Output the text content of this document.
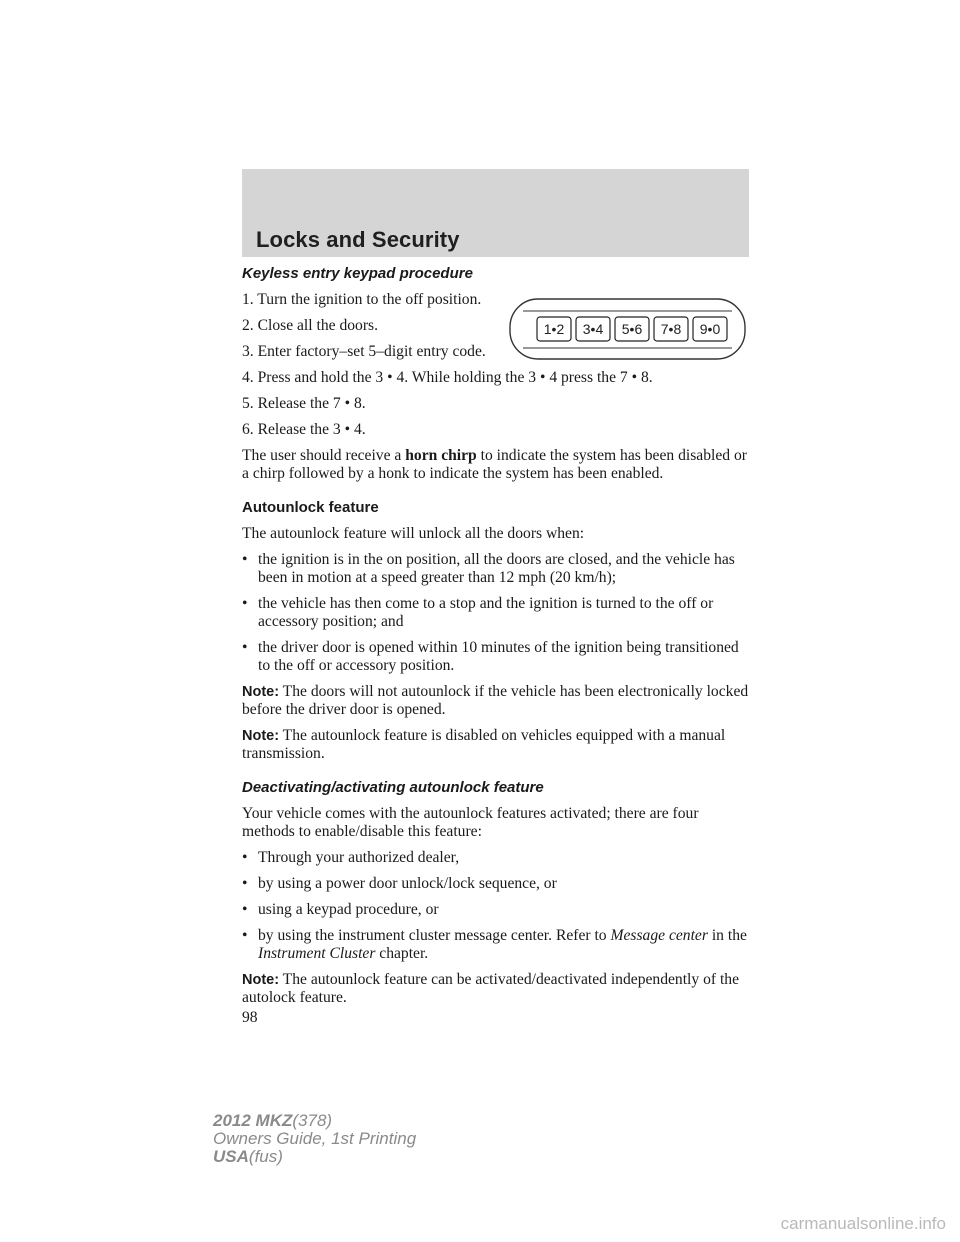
Locks and Security
1•2 3•4 5•6 7•8 9•0

Keyless entry keypad procedure

1. Turn the ignition to the off position.

2. Close all the doors.

3. Enter factory–set 5–digit entry code.

4. Press and hold the 3 • 4. While holding the 3 • 4 press the 7 • 8.

5. Release the 7 • 8.

6. Release the 3 • 4.

The user should receive a horn chirp to indicate the system has been disabled or a chirp followed by a honk to indicate the system has been enabled.

Autounlock feature

The autounlock feature will unlock all the doors when:

• the ignition is in the on position, all the doors are closed, and the vehicle has been in motion at a speed greater than 12 mph (20 km/h);
• the vehicle has then come to a stop and the ignition is turned to the off or accessory position; and
• the driver door is opened within 10 minutes of the ignition being transitioned to the off or accessory position.

Note: The doors will not autounlock if the vehicle has been electronically locked before the driver door is opened.

Note: The autounlock feature is disabled on vehicles equipped with a manual transmission.

Deactivating/activating autounlock feature

Your vehicle comes with the autounlock features activated; there are four methods to enable/disable this feature:

• Through your authorized dealer,
• by using a power door unlock/lock sequence, or
• using a keypad procedure, or
• by using the instrument cluster message center. Refer to Message center in the Instrument Cluster chapter.

Note: The autounlock feature can be activated/deactivated independently of the autolock feature.

98

2012 MKZ(378)
Owners Guide, 1st Printing
USA(fus)
carmanualsonline.info
